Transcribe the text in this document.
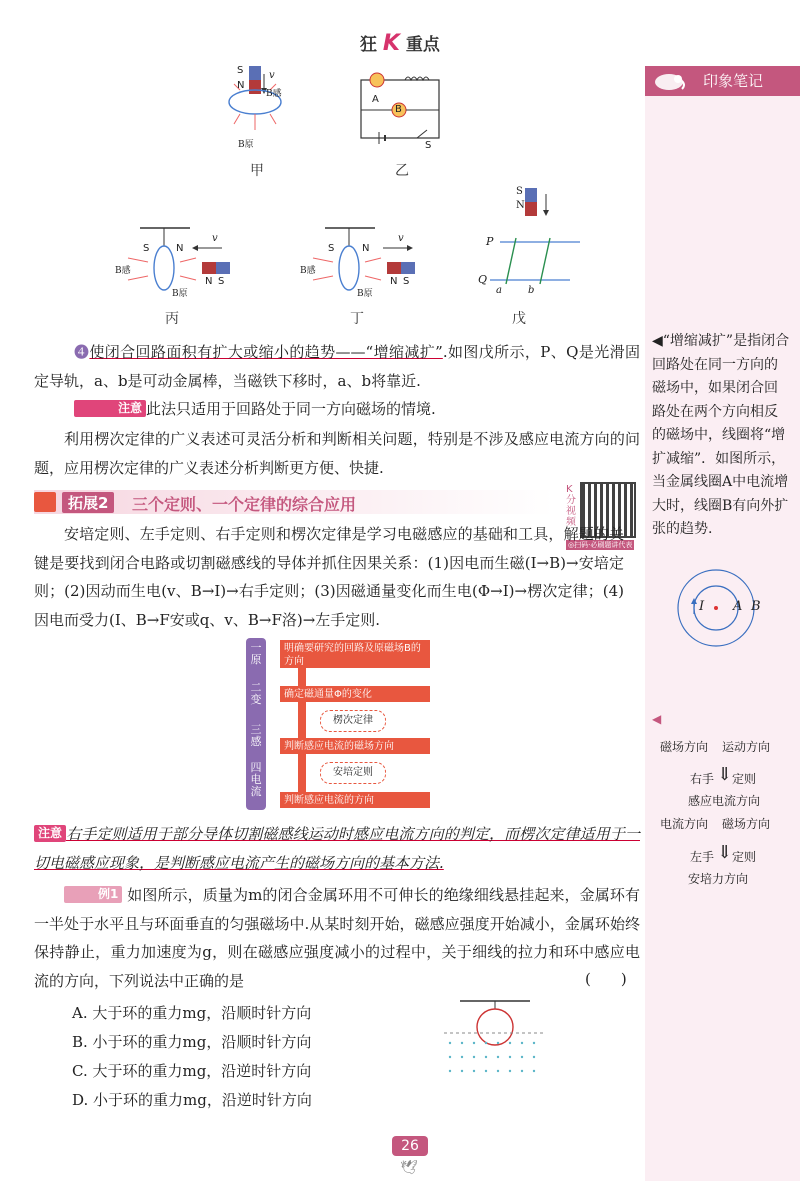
狂 K 重点
印象笔记
◀“增缩减扩”是指闭合回路处在同一方向的磁场中，如果闭合回路处在两个方向相反的磁场中，线圈将“增扩减缩”．如图所示，当金属线圈A中电流增大时，线圈B有向外扩张的趋势.
I A B
◀
磁场方向 运动方向
右手 ⇓ 定则
感应电流方向
电流方向 磁场方向
左手 ⇓ 定则
安培力方向
S
N
v
B感
B原
甲
A
B
S
乙
S	N
v
N S
B感
B原
丙
S	N
v
N S
B感
B原
丁
S
N
P
Q
a	b
戊
❹使闭合回路面积有扩大或缩小的趋势——“增缩减扩”.如图戊所示，P、Q是光滑固定导轨，a、b是可动金属棒，当磁铁下移时，a、b将靠近.
注意 此法只适用于回路处于同一方向磁场的情境.
利用楞次定律的广义表述可灵活分析和判断相关问题，特别是不涉及感应电流方向的问题，应用楞次定律的广义表述分析判断更方便、快捷.
拓展2	三个定则、一个定律的综合应用
K分视频
◎扫码·必刷题讲代表
安培定则、左手定则、右手定则和楞次定律是学习电磁感应的基础和工具，解题的关键是要找到闭合电路或切割磁感线的导体并抓住因果关系：(1)因电而生磁(I→B)→安培定则；(2)因动而生电(v、B→I)→右手定则；(3)因磁通量变化而生电(Φ→I)→楞次定律；(4)因电而受力(I、B→F安或q、v、B→F洛)→左手定则.
一原
二变
三感
四电流
明确要研究的回路及原磁场B的方向
确定磁通量Φ的变化
楞次定律
判断感应电流的磁场方向
安培定则
判断感应电流的方向
注意 右手定则适用于部分导体切割磁感线运动时感应电流方向的判定，而楞次定律适用于一切电磁感应现象，是判断感应电流产生的磁场方向的基本方法.
例1 如图所示，质量为m的闭合金属环用不可伸长的绝缘细线悬挂起来，金属环有一半处于水平且与环面垂直的匀强磁场中.从某时刻开始，磁感应强度开始减小，金属环始终保持静止，重力加速度为g，则在磁感应强度减小的过程中，关于细线的拉力和环中感应电流的方向，下列说法中正确的是	(　　)
A. 大于环的重力mg，沿顺时针方向
B. 小于环的重力mg，沿顺时针方向
C. 大于环的重力mg，沿逆时针方向
D. 小于环的重力mg，沿逆时针方向
26
🕊
